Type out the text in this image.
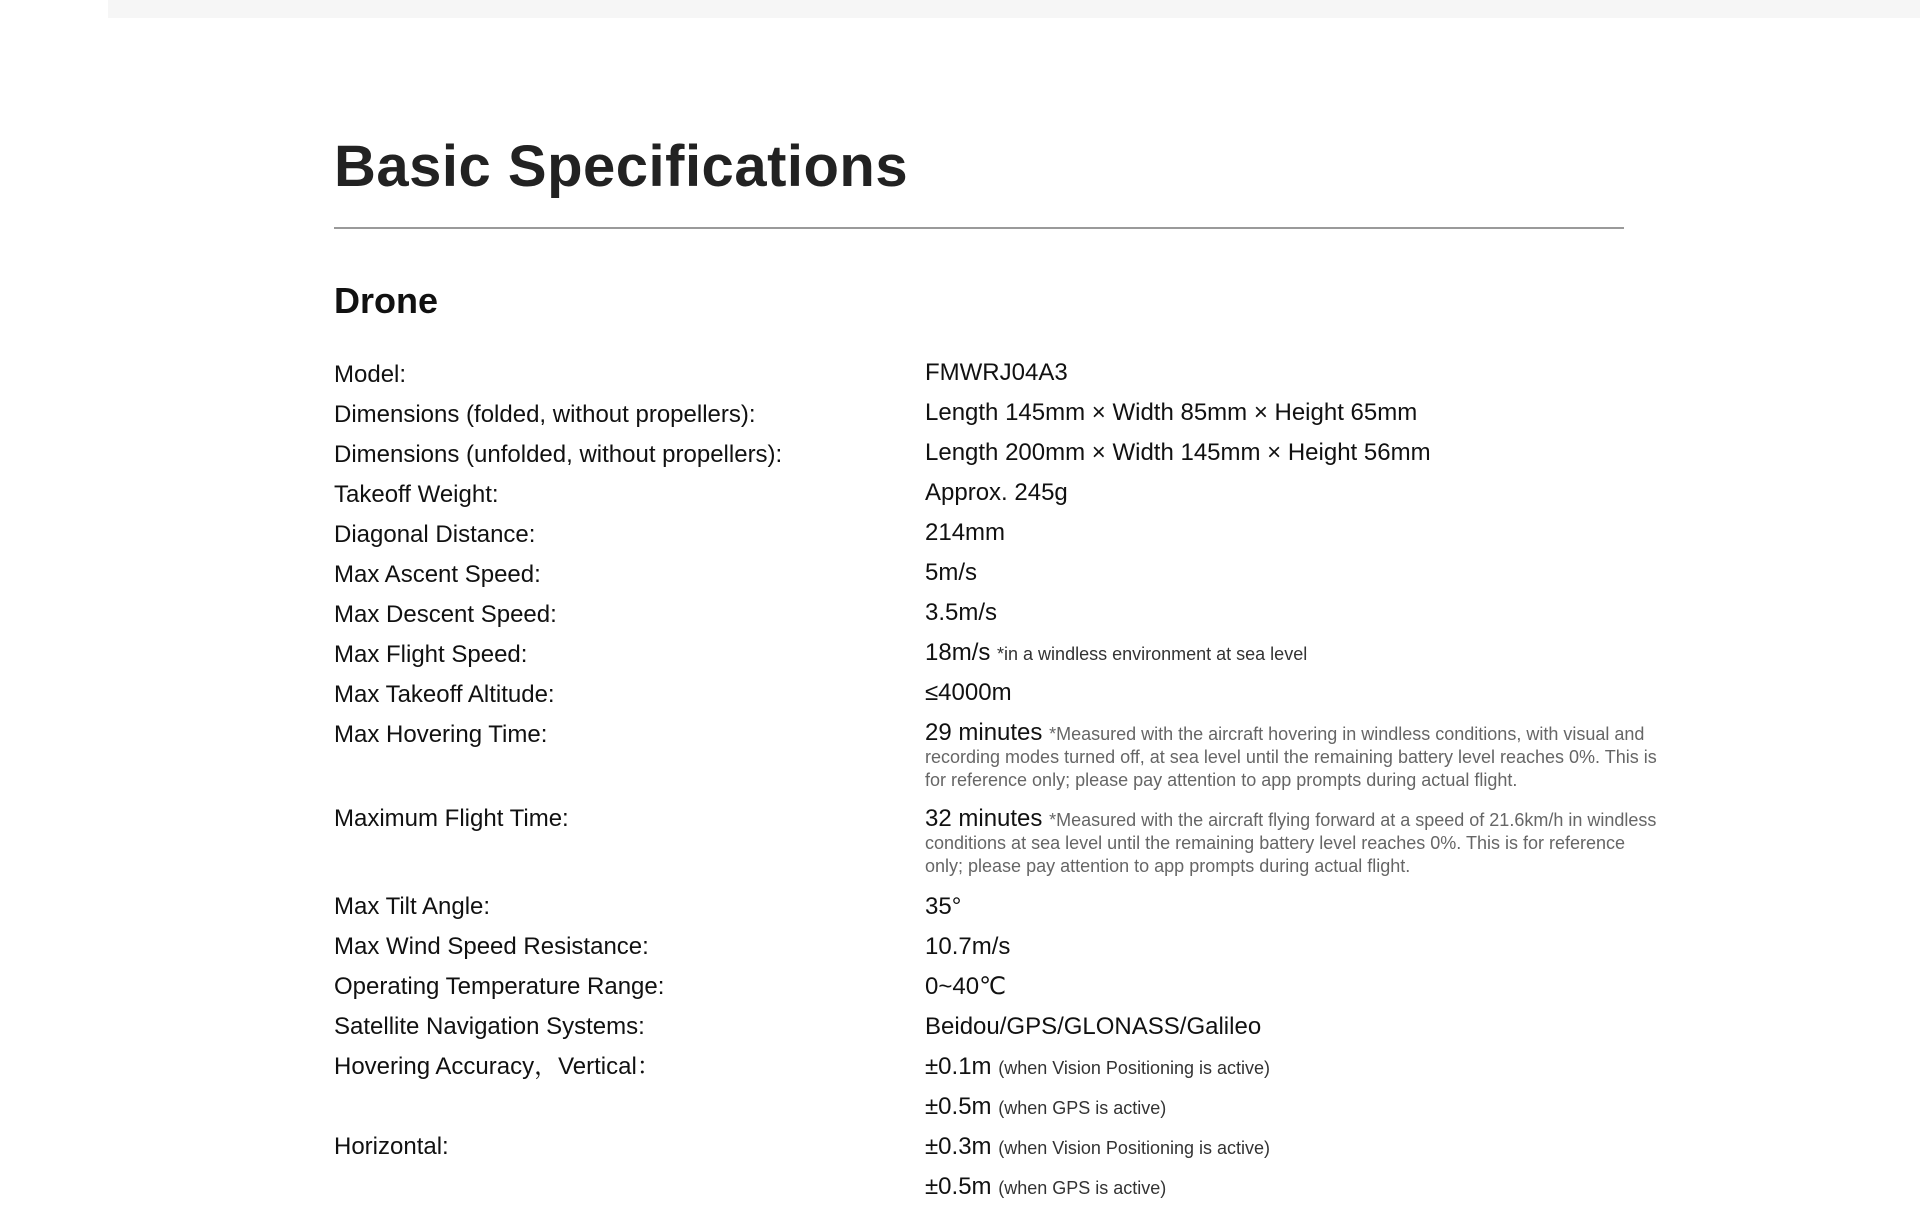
Basic Specifications
Drone
Model:	FMWRJ04A3
Dimensions (folded, without propellers):	Length 145mm × Width 85mm × Height 65mm
Dimensions (unfolded, without propellers):	Length 200mm × Width 145mm × Height 56mm
Takeoff Weight:	Approx. 245g
Diagonal Distance:	214mm
Max Ascent Speed:	5m/s
Max Descent Speed:	3.5m/s
Max Flight Speed:	18m/s *in a windless environment at sea level
Max Takeoff Altitude:	≤4000m
Max Hovering Time:	29 minutes *Measured with the aircraft hovering in windless conditions, with visual and recording modes turned off, at sea level until the remaining battery level reaches 0%. This is for reference only; please pay attention to app prompts during actual flight.
Maximum Flight Time:	32 minutes *Measured with the aircraft flying forward at a speed of 21.6km/h in windless conditions at sea level until the remaining battery level reaches 0%. This is for reference only; please pay attention to app prompts during actual flight.
Max Tilt Angle:	35°
Max Wind Speed Resistance:	10.7m/s
Operating Temperature Range:	0~40℃
Satellite Navigation Systems:	Beidou/GPS/GLONASS/Galileo
Hovering Accuracy，Vertical：	±0.1m (when Vision Positioning is active)
±0.5m (when GPS is active)
Horizontal:	±0.3m (when Vision Positioning is active)
±0.5m (when GPS is active)
